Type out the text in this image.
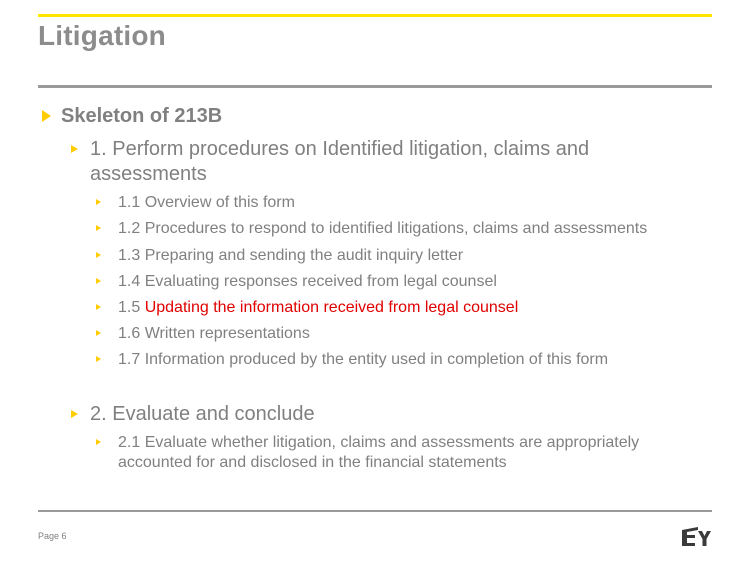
Litigation
Skeleton of 213B
1. Perform procedures on Identified litigation, claims and assessments
1.1 Overview of this form
1.2 Procedures to respond to identified litigations, claims and assessments
1.3 Preparing and sending the audit inquiry letter
1.4 Evaluating responses received from legal counsel
1.5 Updating the information received from legal counsel
1.6 Written representations
1.7 Information produced by the entity used in completion of this form
2. Evaluate and conclude
2.1 Evaluate whether litigation, claims and assessments are appropriately accounted for and disclosed in the financial statements
Page 6
